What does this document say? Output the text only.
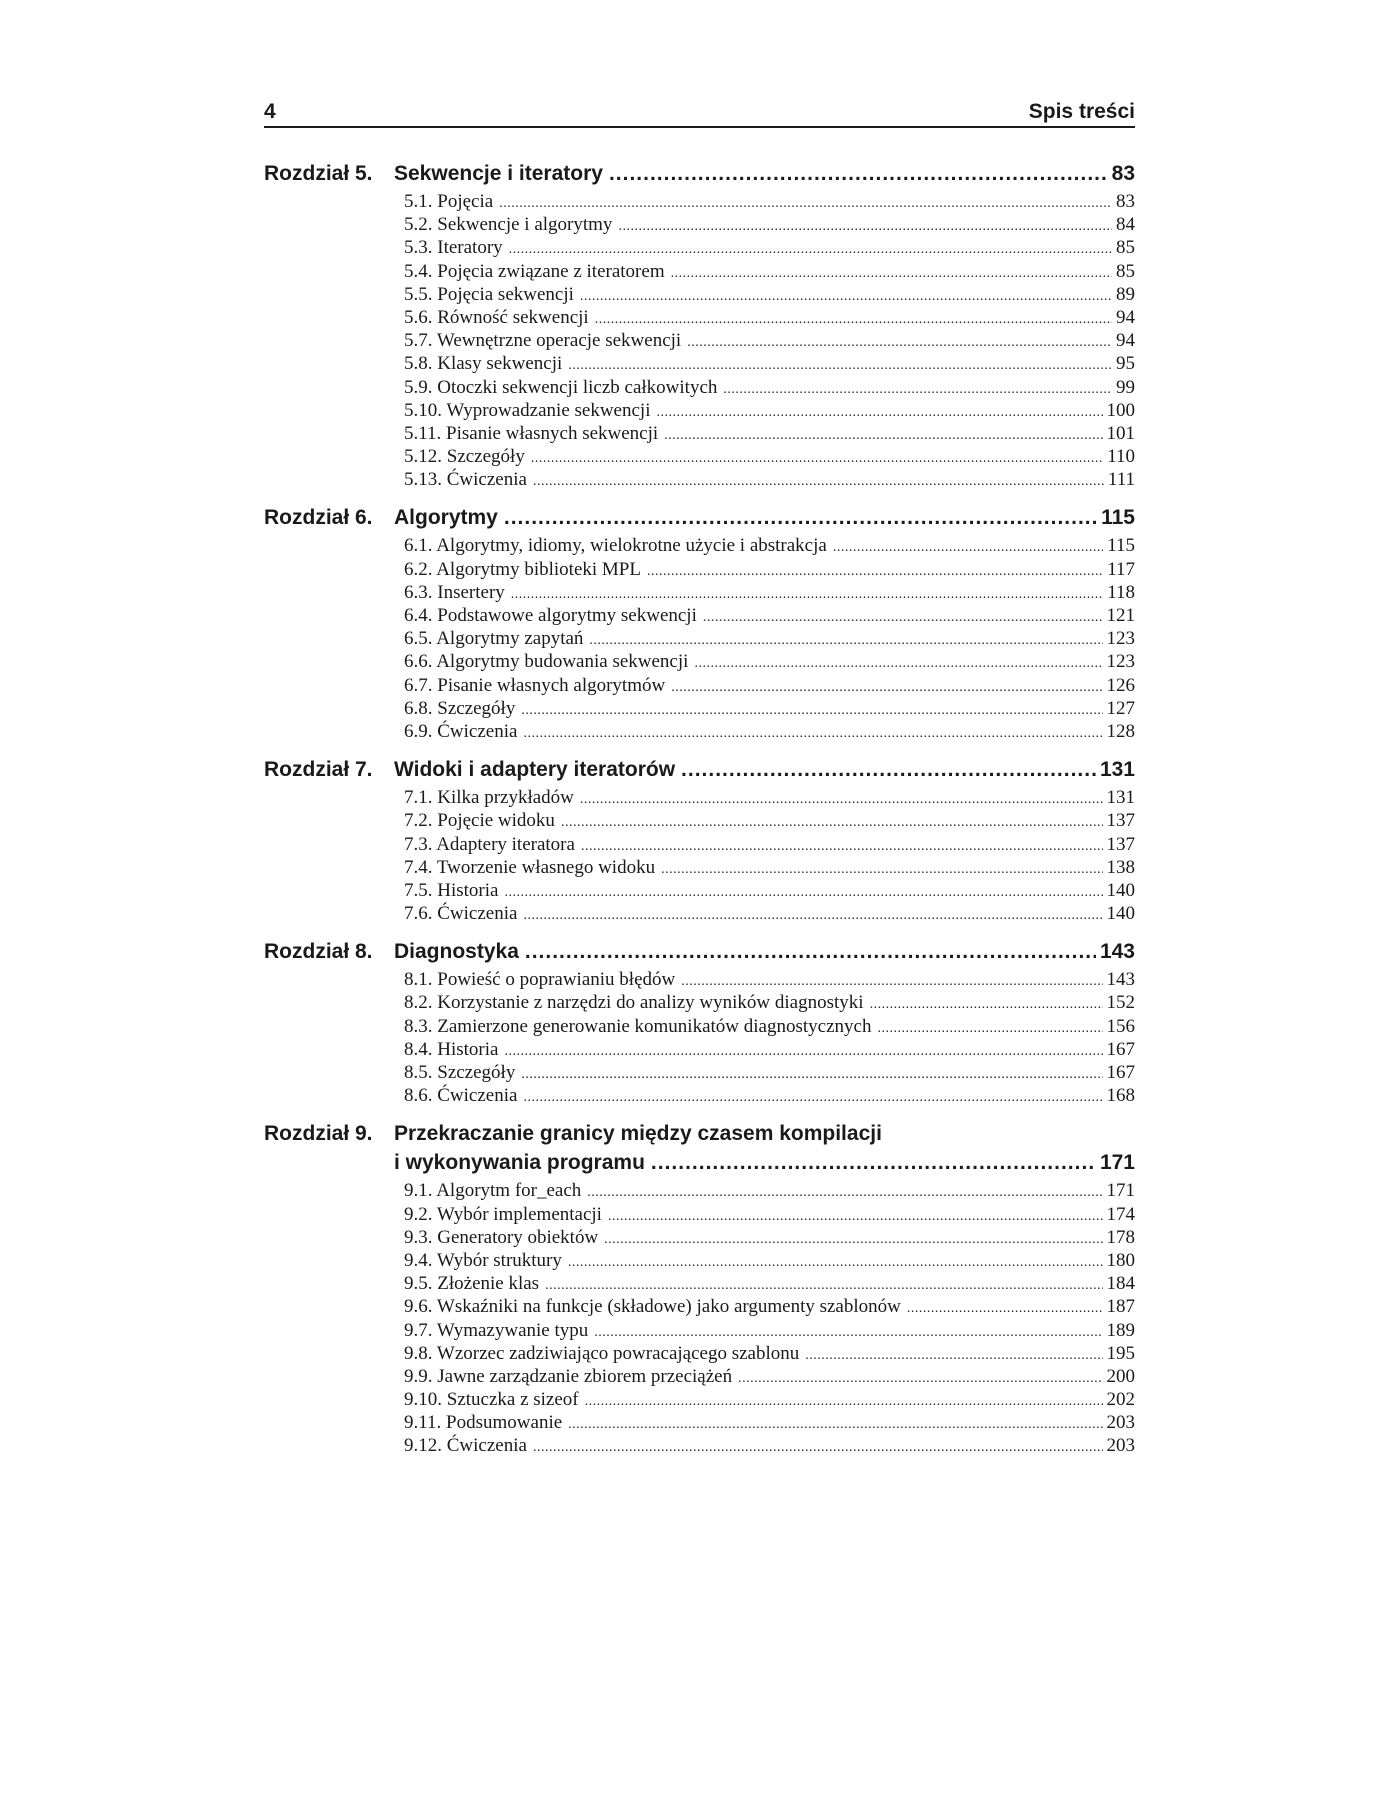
4	Spis treści
Rozdział 5.	Sekwencje i iteratory .....	83
5.1. Pojęcia .....	83
5.2. Sekwencje i algorytmy .....	84
5.3. Iteratory .....	85
5.4. Pojęcia związane z iteratorem .....	85
5.5. Pojęcia sekwencji .....	89
5.6. Równość sekwencji .....	94
5.7. Wewnętrzne operacje sekwencji .....	94
5.8. Klasy sekwencji .....	95
5.9. Otoczki sekwencji liczb całkowitych .....	99
5.10. Wyprowadzanie sekwencji .....	100
5.11. Pisanie własnych sekwencji .....	101
5.12. Szczegóły .....	110
5.13. Ćwiczenia .....	111
Rozdział 6.	Algorytmy .....	115
6.1. Algorytmy, idiomy, wielokrotne użycie i abstrakcja .....	115
6.2. Algorytmy biblioteki MPL .....	117
6.3. Insertery .....	118
6.4. Podstawowe algorytmy sekwencji .....	121
6.5. Algorytmy zapytań .....	123
6.6. Algorytmy budowania sekwencji .....	123
6.7. Pisanie własnych algorytmów .....	126
6.8. Szczegóły .....	127
6.9. Ćwiczenia .....	128
Rozdział 7.	Widoki i adaptery iteratorów .....	131
7.1. Kilka przykładów .....	131
7.2. Pojęcie widoku .....	137
7.3. Adaptery iteratora .....	137
7.4. Tworzenie własnego widoku .....	138
7.5. Historia .....	140
7.6. Ćwiczenia .....	140
Rozdział 8.	Diagnostyka .....	143
8.1. Powieść o poprawianiu błędów .....	143
8.2. Korzystanie z narzędzi do analizy wyników diagnostyki .....	152
8.3. Zamierzone generowanie komunikatów diagnostycznych .....	156
8.4. Historia .....	167
8.5. Szczegóły .....	167
8.6. Ćwiczenia .....	168
Rozdział 9.	Przekraczanie granicy między czasem kompilacji
i wykonywania programu .....	171
9.1. Algorytm for_each .....	171
9.2. Wybór implementacji .....	174
9.3. Generatory obiektów .....	178
9.4. Wybór struktury .....	180
9.5. Złożenie klas .....	184
9.6. Wskaźniki na funkcje (składowe) jako argumenty szablonów .....	187
9.7. Wymazywanie typu .....	189
9.8. Wzorzec zadziwiająco powracającego szablonu .....	195
9.9. Jawne zarządzanie zbiorem przeciążeń .....	200
9.10. Sztuczka z sizeof .....	202
9.11. Podsumowanie .....	203
9.12. Ćwiczenia .....	203
